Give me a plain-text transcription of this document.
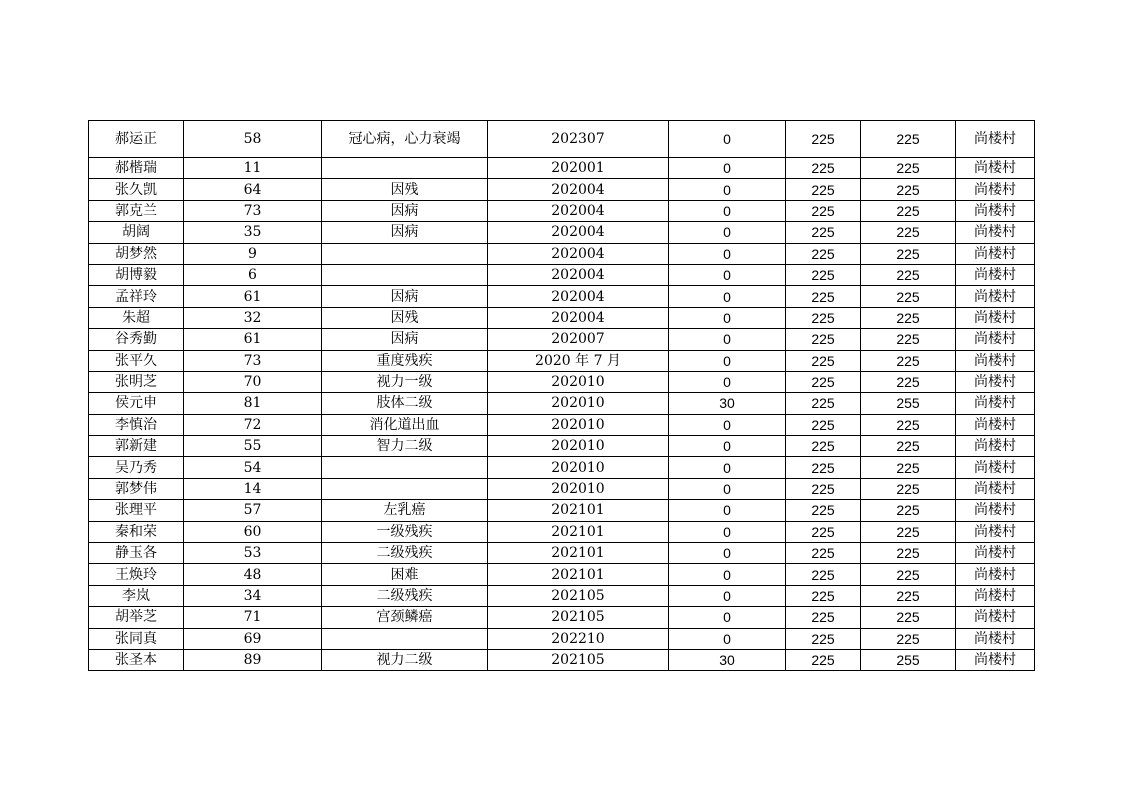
郝运正	58	冠心病，心力衰竭	202307	0	225	225	尚楼村
郝楷瑞	11		202001	0	225	225	尚楼村
张久凯	64	因残	202004	0	225	225	尚楼村
郭克兰	73	因病	202004	0	225	225	尚楼村
胡阔	35	因病	202004	0	225	225	尚楼村
胡梦然	9		202004	0	225	225	尚楼村
胡博毅	6		202004	0	225	225	尚楼村
孟祥玲	61	因病	202004	0	225	225	尚楼村
朱超	32	因残	202004	0	225	225	尚楼村
谷秀勤	61	因病	202007	0	225	225	尚楼村
张平久	73	重度残疾	2020 年 7 月	0	225	225	尚楼村
张明芝	70	视力一级	202010	0	225	225	尚楼村
侯元申	81	肢体二级	202010	30	225	255	尚楼村
李慎治	72	消化道出血	202010	0	225	225	尚楼村
郭新建	55	智力二级	202010	0	225	225	尚楼村
吴乃秀	54		202010	0	225	225	尚楼村
郭梦伟	14		202010	0	225	225	尚楼村
张理平	57	左乳癌	202101	0	225	225	尚楼村
秦和荣	60	一级残疾	202101	0	225	225	尚楼村
静玉各	53	二级残疾	202101	0	225	225	尚楼村
王焕玲	48	困难	202101	0	225	225	尚楼村
李岚	34	二级残疾	202105	0	225	225	尚楼村
胡举芝	71	宫颈鳞癌	202105	0	225	225	尚楼村
张同真	69		202210	0	225	225	尚楼村
张圣本	89	视力二级	202105	30	225	255	尚楼村
